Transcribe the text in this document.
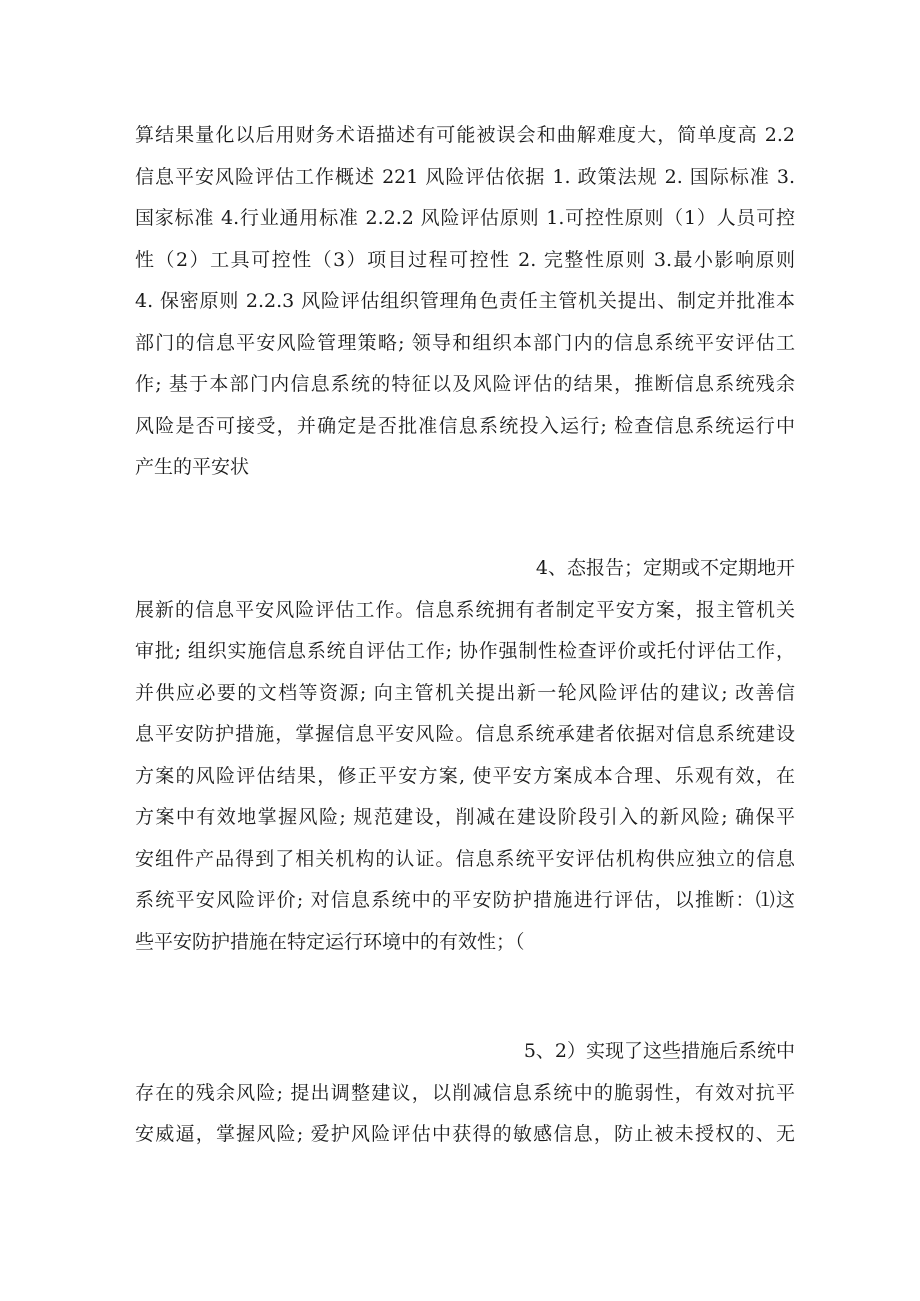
算结果量化以后用财务术语描述有可能被误会和曲解难度大，简单度高 2.2
信息平安风险评估工作概述 221 风险评估依据 1. 政策法规 2. 国际标准 3.
国家标准 4.行业通用标准 2.2.2 风险评估原则 1.可控性原则（1）人员可控
性（2）工具可控性（3）项目过程可控性 2. 完整性原则 3.最小影响原则
4. 保密原则 2.2.3 风险评估组织管理角色责任主管机关提出、制定并批准本
部门的信息平安风险管理策略; 领导和组织本部门内的信息系统平安评估工
作; 基于本部门内信息系统的特征以及风险评估的结果，推断信息系统残余
风险是否可接受，并确定是否批准信息系统投入运行; 检查信息系统运行中
产生的平安状
4、态报告；定期或不定期地开
展新的信息平安风险评估工作。信息系统拥有者制定平安方案，报主管机关
审批; 组织实施信息系统自评估工作; 协作强制性检查评价或托付评估工作，
并供应必要的文档等资源; 向主管机关提出新一轮风险评估的建议; 改善信
息平安防护措施，掌握信息平安风险。信息系统承建者依据对信息系统建设
方案的风险评估结果，修正平安方案, 使平安方案成本合理、乐观有效，在
方案中有效地掌握风险; 规范建设，削减在建设阶段引入的新风险; 确保平
安组件产品得到了相关机构的认证。信息系统平安评估机构供应独立的信息
系统平安风险评价; 对信息系统中的平安防护措施进行评估，以推断：⑴这
些平安防护措施在特定运行环境中的有效性；（
5、2）实现了这些措施后系统中
存在的残余风险; 提出调整建议，以削减信息系统中的脆弱性，有效对抗平
安威逼，掌握风险; 爱护风险评估中获得的敏感信息，防止被未授权的、无
